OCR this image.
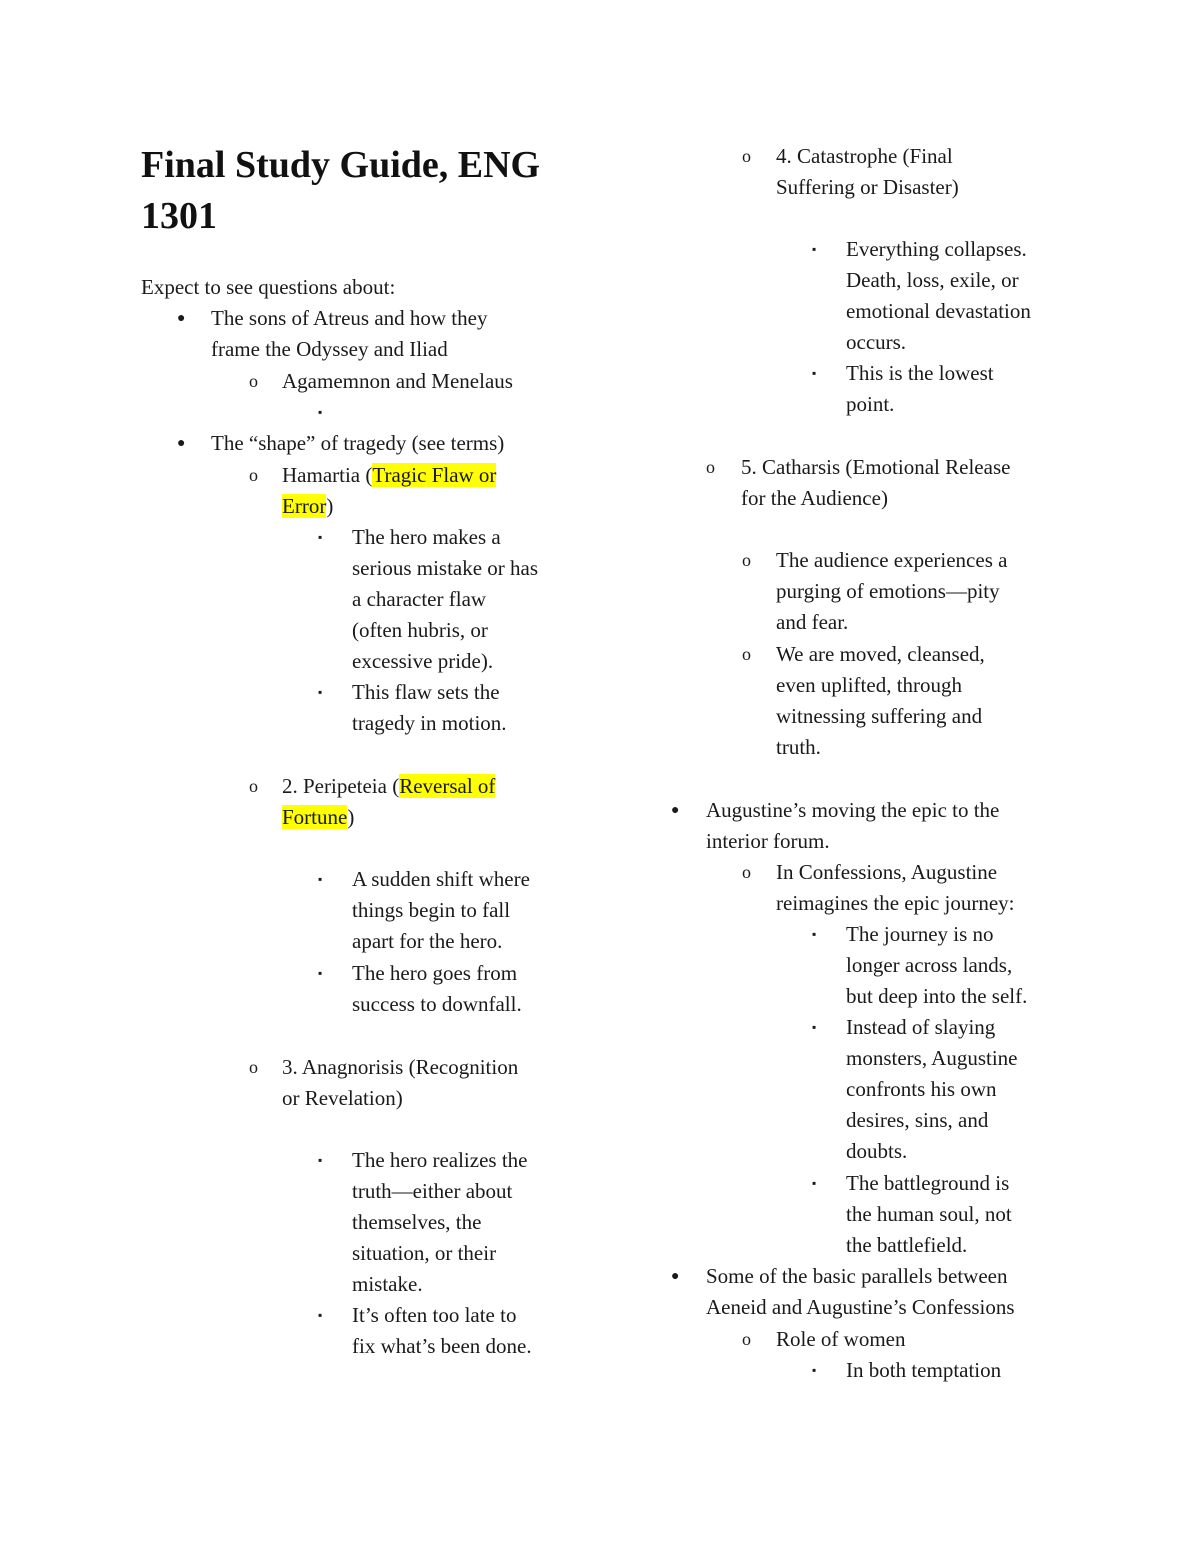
Final Study Guide, ENG 1301
Expect to see questions about:
● The sons of Atreus and how they
frame the Odyssey and Iliad
o Agamemnon and Menelaus
▪
● The “shape” of tragedy (see terms)
o Hamartia (Tragic Flaw or
Error)
▪ The hero makes a
serious mistake or has
a character flaw
(often hubris, or
excessive pride).
▪ This flaw sets the
tragedy in motion.
o 2. Peripeteia (Reversal of
Fortune)
▪ A sudden shift where
things begin to fall
apart for the hero.
▪ The hero goes from
success to downfall.
o 3. Anagnorisis (Recognition
or Revelation)
▪ The hero realizes the
truth—either about
themselves, the
situation, or their
mistake.
▪ It’s often too late to
fix what’s been done.
o 4. Catastrophe (Final
Suffering or Disaster)
▪ Everything collapses.
Death, loss, exile, or
emotional devastation
occurs.
▪ This is the lowest
point.
o 5. Catharsis (Emotional Release
for the Audience)
o The audience experiences a
purging of emotions—pity
and fear.
o We are moved, cleansed,
even uplifted, through
witnessing suffering and
truth.
● Augustine’s moving the epic to the
interior forum.
o In Confessions, Augustine
reimagines the epic journey:
▪ The journey is no
longer across lands,
but deep into the self.
▪ Instead of slaying
monsters, Augustine
confronts his own
desires, sins, and
doubts.
▪ The battleground is
the human soul, not
the battlefield.
● Some of the basic parallels between
Aeneid and Augustine’s Confessions
o Role of women
▪ In both temptation
